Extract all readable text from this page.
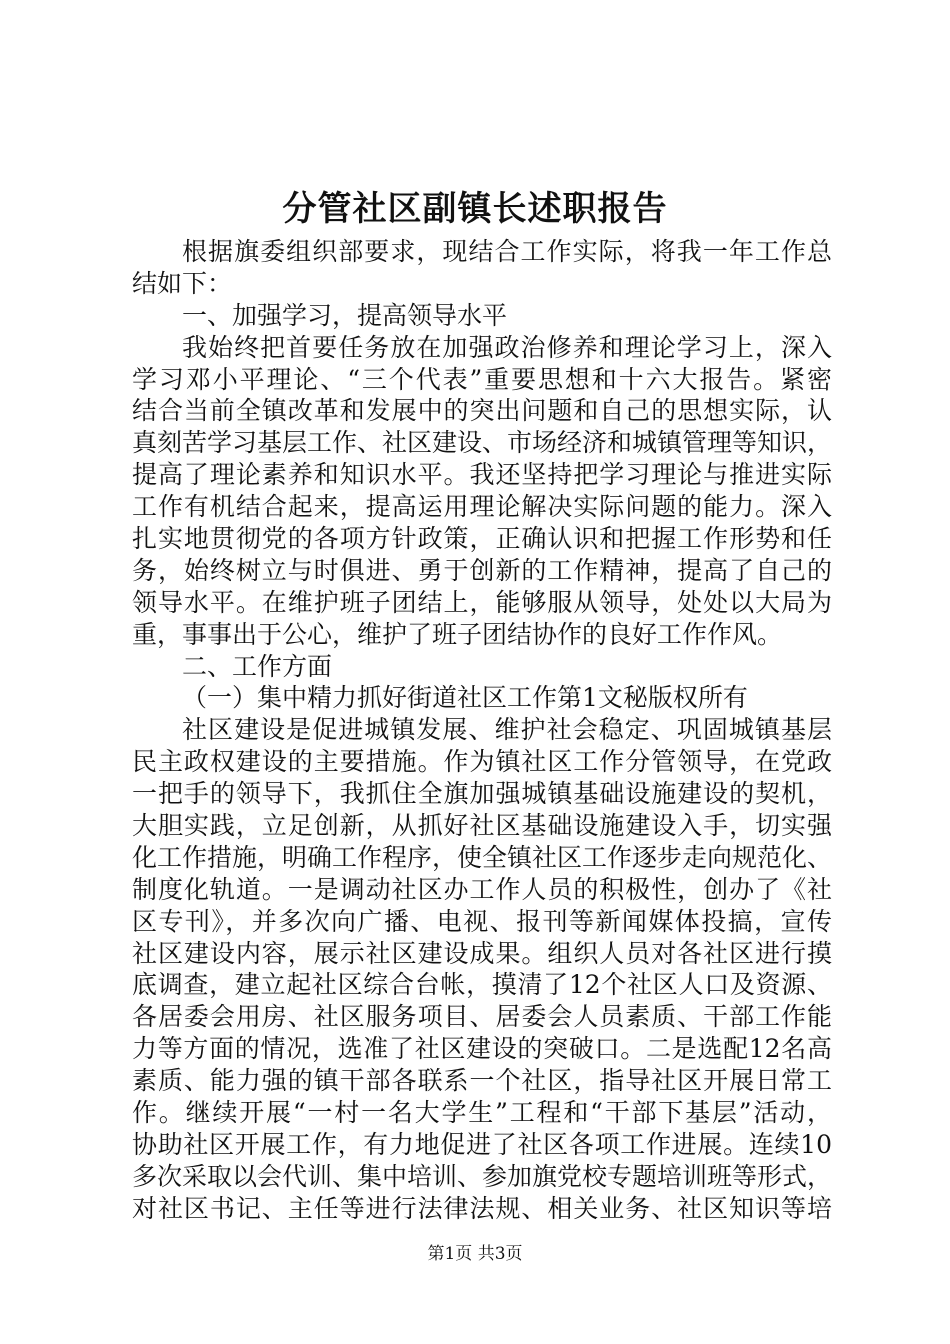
分管社区副镇长述职报告
根据旗委组织部要求，现结合工作实际，将我一年工作总
结如下：
一、加强学习，提高领导水平
我始终把首要任务放在加强政治修养和理论学习上，深入
学习邓小平理论、“三个代表”重要思想和十六大报告。紧密
结合当前全镇改革和发展中的突出问题和自己的思想实际，认
真刻苦学习基层工作、社区建设、市场经济和城镇管理等知识，
提高了理论素养和知识水平。我还坚持把学习理论与推进实际
工作有机结合起来，提高运用理论解决实际问题的能力。深入
扎实地贯彻党的各项方针政策，正确认识和把握工作形势和任
务，始终树立与时俱进、勇于创新的工作精神，提高了自己的
领导水平。在维护班子团结上，能够服从领导，处处以大局为
重，事事出于公心，维护了班子团结协作的良好工作作风。
二、工作方面
（一）集中精力抓好街道社区工作第1文秘版权所有
社区建设是促进城镇发展、维护社会稳定、巩固城镇基层
民主政权建设的主要措施。作为镇社区工作分管领导，在党政
一把手的领导下，我抓住全旗加强城镇基础设施建设的契机，
大胆实践，立足创新，从抓好社区基础设施建设入手，切实强
化工作措施，明确工作程序，使全镇社区工作逐步走向规范化、
制度化轨道。一是调动社区办工作人员的积极性，创办了《社
区专刊》，并多次向广播、电视、报刊等新闻媒体投搞，宣传
社区建设内容，展示社区建设成果。组织人员对各社区进行摸
底调查，建立起社区综合台帐，摸清了12个社区人口及资源、
各居委会用房、社区服务项目、居委会人员素质、干部工作能
力等方面的情况，选准了社区建设的突破口。二是选配12名高
素质、能力强的镇干部各联系一个社区，指导社区开展日常工
作。继续开展“一村一名大学生”工程和“干部下基层”活动，
协助社区开展工作，有力地促进了社区各项工作进展。连续10
多次采取以会代训、集中培训、参加旗党校专题培训班等形式，
对社区书记、主任等进行法律法规、相关业务、社区知识等培
第1页 共3页
